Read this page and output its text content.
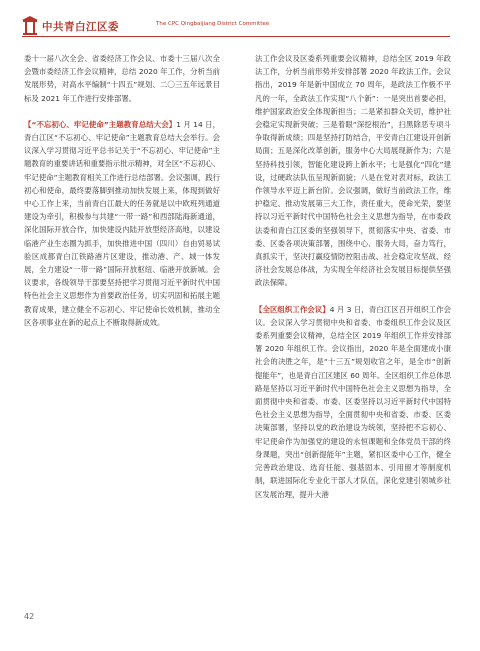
中共青白江区委	The CPC Qingbaijiang District Committee

委十一届八次全会、省委经济工作会议、市委十三届八次全会暨市委经济工作会议精神，总结 2020 年工作，分析当前发展形势，对高水平编制“十四五”规划、二〇三五年远景目标及 2021 年工作进行安排部署。

【“不忘初心、牢记使命”主题教育总结大会】1 月 14 日，青白江区“不忘初心、牢记使命”主题教育总结大会举行。会议深入学习贯彻习近平总书记关于“不忘初心、牢记使命”主题教育的重要讲话和重要指示批示精神，对全区“不忘初心、牢记使命”主题教育相关工作进行总结部署。会议强调，践行初心和使命，最终要落脚到推动加快发展上来，体现到做好中心工作上来，当前青白江最大的任务就是以中欧班列通道建设为牵引，积极参与共建“一带一路”和西部陆海新通道，深化国际开放合作，加快建设内陆开放型经济高地，以建设临港产业生态圈为抓手，加快推进中国（四川）自由贸易试验区成都青白江铁路港片区建设，推动港、产、城一体发展，全力建设“一带一路”国际开放枢纽、临港开放新城。会议要求，各级领导干部要坚持把学习贯彻习近平新时代中国特色社会主义思想作为首要政治任务，切实巩固和拓展主题教育成果，建立健全不忘初心、牢记使命长效机制，推动全区各项事业在新的起点上不断取得新成效。

法工作会议及区委系列重要会议精神，总结全区 2019 年政法工作，分析当前形势并安排部署 2020 年政法工作。会议指出，2019 年是新中国成立 70 周年，是政法工作极不平凡的一年，全政法工作实现“八个新”：一是突出首要必担，维护国家政治安全体现新担当；二是紧扣群众关切，维护社会稳定实现新突破；三是着眼“深挖根治”，扫黑除恶专项斗争取得新成绩；四是坚持打防结合，平安青白江建设开创新局面；五是深化改革创新，服务中心大局展现新作为；六是坚持科技引领，智能化建设跨上新水平；七是强化“四化”建设，过硬政法队伍呈现新面貌；八是在党对表对标，政法工作领导水平迈上新台阶。会议强调，做好当前政法工作，维护稳定、推动发展第三大工作，责任重大，使命光荣，要坚持以习近平新时代中国特色社会主义思想为指导，在市委政法委和青白江区委的坚强领导下，贯彻落实中央、省委、市委、区委各项决策部署，围绕中心、服务大局，奋力笃行，真抓实干，坚决打赢疫情防控阻击战、社会稳定攻坚战、经济社会发展总体战，为实现全年经济社会发展目标提供坚强政法保障。

【全区组织工作会议】4 月 3 日，青白江区召开组织工作会议。会议深入学习贯彻中央和省委、市委组织工作会议及区委系列重要会议精神，总结全区 2019 年组织工作并安排部署 2020 年组织工作。会议指出，2020 年是全面建成小康社会的决胜之年，是“十三五”规划收官之年，是全市“创新提能年”，也是青白江区建区 60 周年。全区组织工作总体思路是坚持以习近平新时代中国特色社会主义思想为指导，全面贯彻中央和省委、市委、区委坚持以习近平新时代中国特色社会主义思想为指导，全面贯彻中央和省委、市委、区委决策部署，坚持以党的政治建设为统领，坚持把不忘初心、牢记使命作为加强党的建设的永恒课题和全体党员干部的终身课题，突出“创新提能年”主题，紧扣区委中心工作，健全完善政治建设、选育任能、强基固本、引用留才等制度机制，联进国际化专业化干部人才队伍，深化党建引领城乡社区发展治理，提升大港

42
